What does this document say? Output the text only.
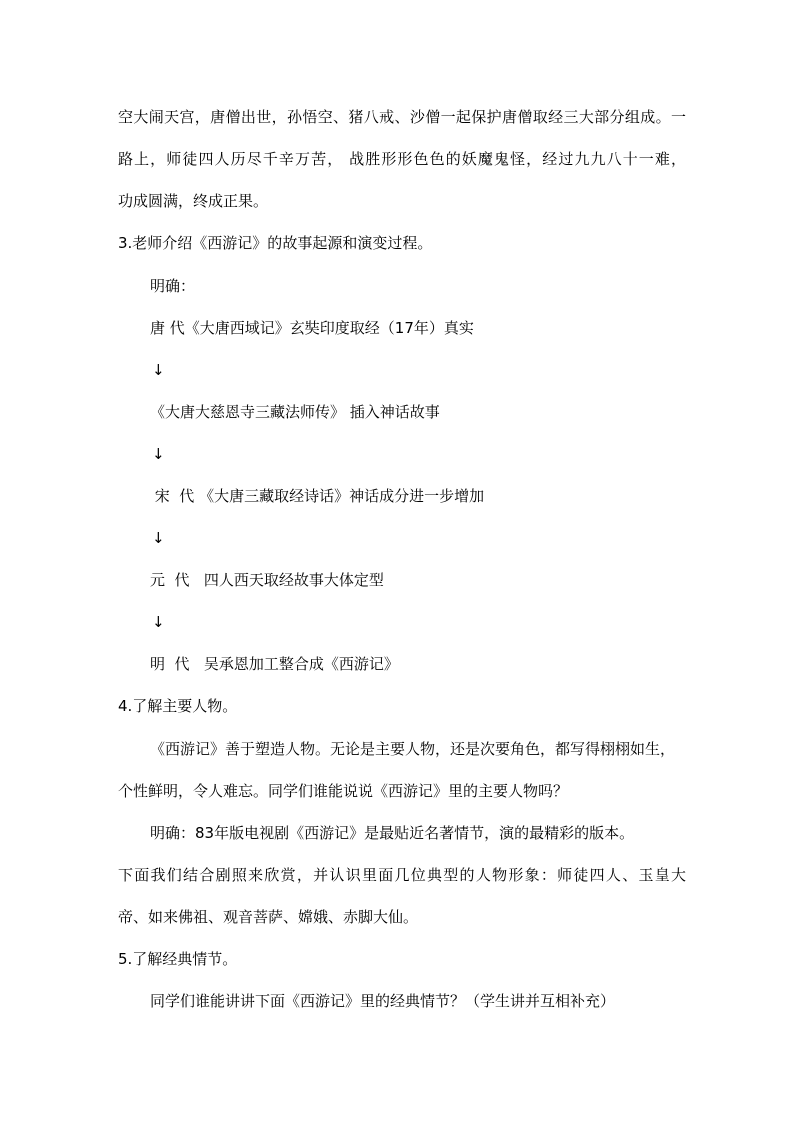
空大闹天宫，唐僧出世，孙悟空、猪八戒、沙僧一起保护唐僧取经三大部分组成。一
路上，师徒四人历尽千辛万苦， 战胜形形色色的妖魔鬼怪，经过九九八十一难，
功成圆满，终成正果。
3.老师介绍《西游记》的故事起源和演变过程。
明确：
唐 代《大唐西域记》玄奘印度取经（17年）真实
↓
《大唐大慈恩寺三藏法师传》 插入神话故事
↓
宋  代 《大唐三藏取经诗话》神话成分进一步增加
↓
元  代   四人西天取经故事大体定型
↓
明  代   吴承恩加工整合成《西游记》
4.了解主要人物。
《西游记》善于塑造人物。无论是主要人物，还是次要角色，都写得栩栩如生，
个性鲜明，令人难忘。同学们谁能说说《西游记》里的主要人物吗？
明确：83年版电视剧《西游记》是最贴近名著情节，演的最精彩的版本。
下面我们结合剧照来欣赏，并认识里面几位典型的人物形象：师徒四人、玉皇大
帝、如来佛祖、观音菩萨、嫦娥、赤脚大仙。
5.了解经典情节。
同学们谁能讲讲下面《西游记》里的经典情节？（学生讲并互相补充）
